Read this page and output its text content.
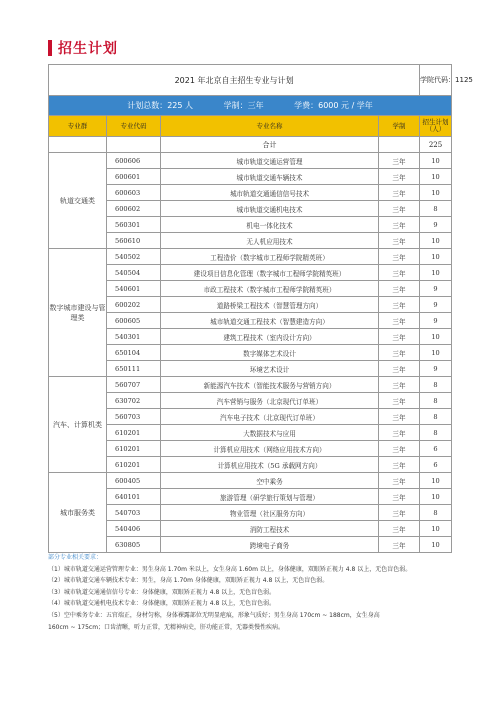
招生计划
2021 年北京自主招生专业与计划				学院代码：1125
计划总数：225 人 学制：三年 学费：6000 元 / 学年				
专业群	专业代码	专业名称	学制	招生计划
（人）

		合计		225
轨道交通类	600606	城市轨道交通运营管理	三年	10
	600601	城市轨道交通车辆技术	三年	10
	600603	城市轨道交通通信信号技术	三年	10
	600602	城市轨道交通机电技术	三年	8
	560301	机电一体化技术	三年	9
	560610	无人机应用技术	三年	10
数字城市建设与管理类	540502	工程造价（数字城市工程师学院精英班）	三年	10
	540504	建设项目信息化管理（数字城市工程师学院精英班）	三年	10
	540601	市政工程技术（数字城市工程师学院精英班）	三年	9
	600202	道路桥梁工程技术（智慧管理方向）	三年	9
	600605	城市轨道交通工程技术（智慧建造方向）	三年	9
	540301	建筑工程技术（室内设计方向）	三年	10
	650104	数字媒体艺术设计	三年	10
	650111	环境艺术设计	三年	9
汽车、计算机类	560707	新能源汽车技术（智能技术服务与营销方向）	三年	8
	630702	汽车营销与服务（北京现代订单班）	三年	8
	560703	汽车电子技术（北京现代订单班）	三年	8
	610201	大数据技术与应用	三年	8
	610201	计算机应用技术（网络应用技术方向）	三年	6
	610201	计算机应用技术（5G 承载网方向）	三年	6
城市服务类	600405	空中乘务	三年	10
	640101	旅游管理（研学旅行策划与管理）	三年	10
	540703	物业管理（社区服务方向）	三年	8
	540406	消防工程技术	三年	10
	630805	跨境电子商务	三年	10
部分专业相关要求：
（1）城市轨道交通运营管理专业：男生身高 1.70m 米以上，女生身高 1.60m 以上，身体健康，双眼矫正视力 4.8 以上，无色盲色弱。
（2）城市轨道交通车辆技术专业：男生，身高 1.70m 身体健康，双眼矫正视力 4.8 以上，无色盲色弱。
（3）城市轨道交通通信信号专业：身体健康，双眼矫正视力 4.8 以上，无色盲色弱。
（4）城市轨道交通机电技术专业：身体健康，双眼矫正视力 4.8 以上，无色盲色弱。
（5）空中乘务专业：五官端正，身材匀称，身体裸露部位无明显疤痕，形象气质好；男生身高 170cm ~ 188cm，女生身高
160cm ~ 175cm；口齿清晰，听力正常，无精神病史，肝功能正常，无器类慢性疾病。
